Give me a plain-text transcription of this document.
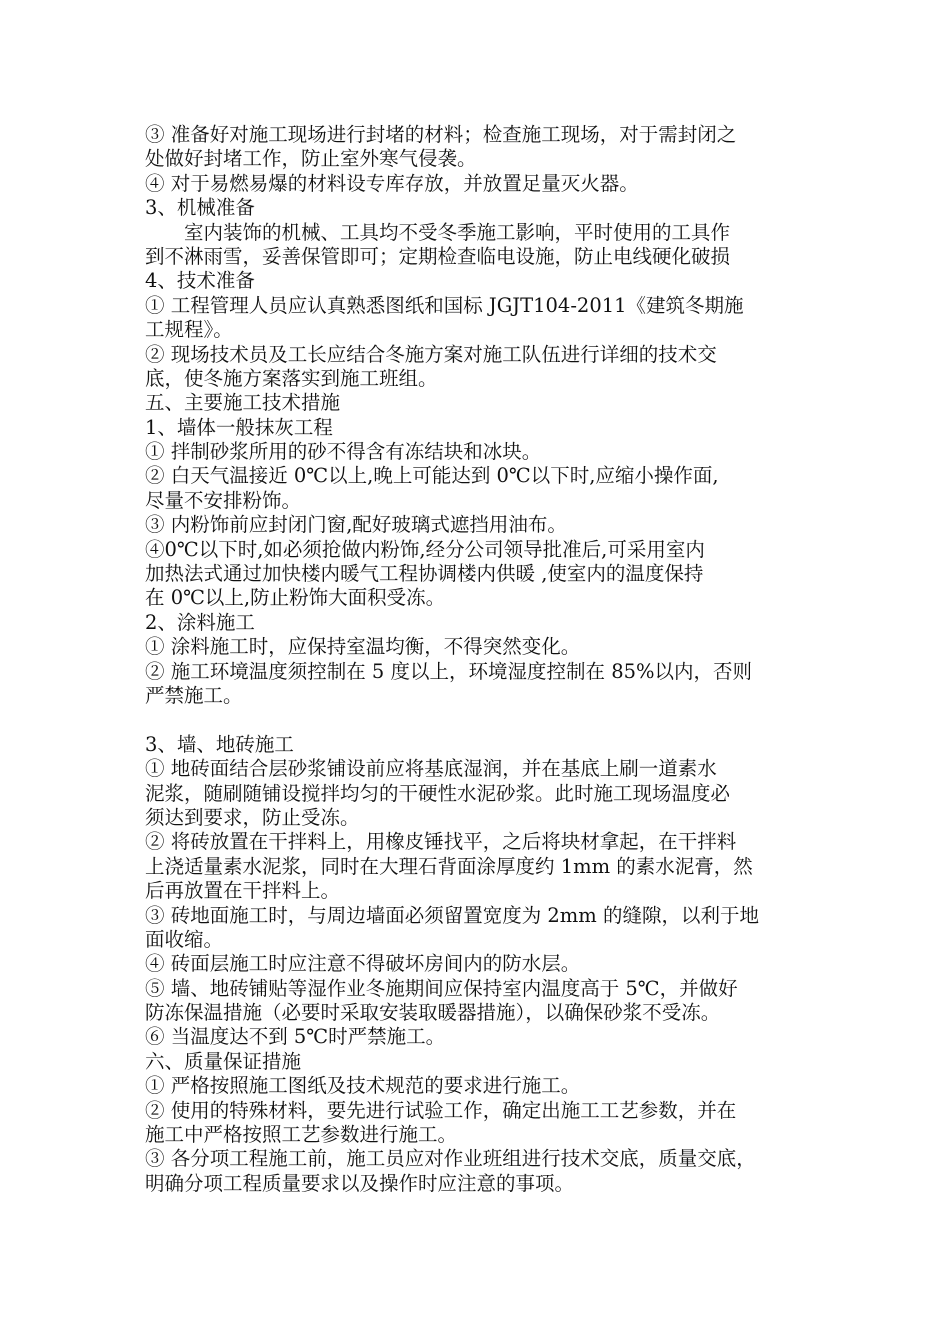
③ 准备好对施工现场进行封堵的材料；检查施工现场，对于需封闭之
处做好封堵工作，防止室外寒气侵袭。
④ 对于易燃易爆的材料设专库存放，并放置足量灭火器。
3、机械准备
室内装饰的机械、工具均不受冬季施工影响，平时使用的工具作
到不淋雨雪，妥善保管即可；定期检查临电设施，防止电线硬化破损
4、技术准备
① 工程管理人员应认真熟悉图纸和国标 JGJT104-2011《建筑冬期施
工规程》。
② 现场技术员及工长应结合冬施方案对施工队伍进行详细的技术交
底，使冬施方案落实到施工班组。
五、主要施工技术措施
1、墙体一般抹灰工程
① 拌制砂浆所用的砂不得含有冻结块和冰块。
② 白天气温接近 0℃以上,晚上可能达到 0℃以下时,应缩小操作面,
尽量不安排粉饰。
③ 内粉饰前应封闭门窗,配好玻璃式遮挡用油布。
④0℃以下时,如必须抢做内粉饰,经分公司领导批准后,可采用室内
加热法式通过加快楼内暖气工程协调楼内供暖 ,使室内的温度保持
在 0℃以上,防止粉饰大面积受冻。
2、涂料施工
① 涂料施工时，应保持室温均衡，不得突然变化。
② 施工环境温度须控制在 5 度以上，环境湿度控制在 85%以内，否则
严禁施工。
3、墙、地砖施工
① 地砖面结合层砂浆铺设前应将基底湿润，并在基底上刷一道素水
泥浆，随刷随铺设搅拌均匀的干硬性水泥砂浆。此时施工现场温度必
须达到要求，防止受冻。
② 将砖放置在干拌料上，用橡皮锤找平，之后将块材拿起，在干拌料
上浇适量素水泥浆，同时在大理石背面涂厚度约 1mm 的素水泥膏，然
后再放置在干拌料上。
③ 砖地面施工时，与周边墙面必须留置宽度为 2mm 的缝隙，以利于地
面收缩。
④ 砖面层施工时应注意不得破坏房间内的防水层。
⑤ 墙、地砖铺贴等湿作业冬施期间应保持室内温度高于 5℃，并做好
防冻保温措施（必要时采取安装取暖器措施），以确保砂浆不受冻。
⑥ 当温度达不到 5℃时严禁施工。
六、质量保证措施
① 严格按照施工图纸及技术规范的要求进行施工。
② 使用的特殊材料，要先进行试验工作，确定出施工工艺参数，并在
施工中严格按照工艺参数进行施工。
③ 各分项工程施工前，施工员应对作业班组进行技术交底，质量交底，
明确分项工程质量要求以及操作时应注意的事项。
